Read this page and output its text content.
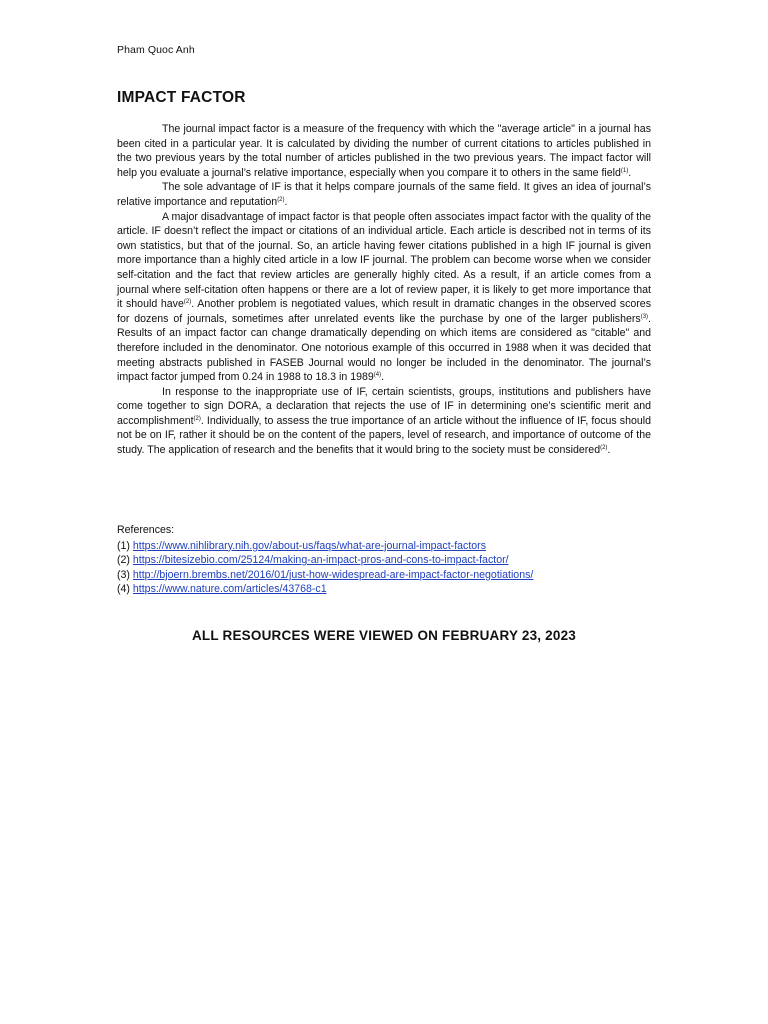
Pham Quoc Anh
IMPACT FACTOR

The journal impact factor is a measure of the frequency with which the "average article" in a journal has been cited in a particular year. It is calculated by dividing the number of current citations to articles published in the two previous years by the total number of articles published in the two previous years. The impact factor will help you evaluate a journal’s relative importance, especially when you compare it to others in the same field$^{(1)}$.

The sole advantage of IF is that it helps compare journals of the same field. It gives an idea of journal’s relative importance and reputation$^{(2)}$.

A major disadvantage of impact factor is that people often associates impact factor with the quality of the article. IF doesn’t reflect the impact or citations of an individual article. Each article is described not in terms of its own statistics, but that of the journal. So, an article having fewer citations published in a high IF journal is given more importance than a highly cited article in a low IF journal. The problem can become worse when we consider self-citation and the fact that review articles are generally highly cited. As a result, if an article comes from a journal where self-citation often happens or there are a lot of review paper, it is likely to get more importance that it should have$^{(2)}$. Another problem is negotiated values, which result in dramatic changes in the observed scores for dozens of journals, sometimes after unrelated events like the purchase by one of the larger publishers$^{(3)}$. Results of an impact factor can change dramatically depending on which items are considered as "citable" and therefore included in the denominator. One notorious example of this occurred in 1988 when it was decided that meeting abstracts published in FASEB Journal would no longer be included in the denominator. The journal’s impact factor jumped from 0.24 in 1988 to 18.3 in 1989$^{(4)}$.

In response to the inappropriate use of IF, certain scientists, groups, institutions and publishers have come together to sign DORA, a declaration that rejects the use of IF in determining one’s scientific merit and accomplishment$^{(2)}$. Individually, to assess the true importance of an article without the influence of IF, focus should not be on IF, rather it should be on the content of the papers, level of research, and importance of outcome of the study. The application of research and the benefits that it would bring to the society must be considered$^{(2)}$.

References:
(1) https://www.nihlibrary.nih.gov/about-us/faqs/what-are-journal-impact-factors
(2) https://bitesizebio.com/25124/making-an-impact-pros-and-cons-to-impact-factor/
(3) http://bjoern.brembs.net/2016/01/just-how-widespread-are-impact-factor-negotiations/
(4) https://www.nature.com/articles/43768-c1
ALL RESOURCES WERE VIEWED ON FEBRUARY 23, 2023
